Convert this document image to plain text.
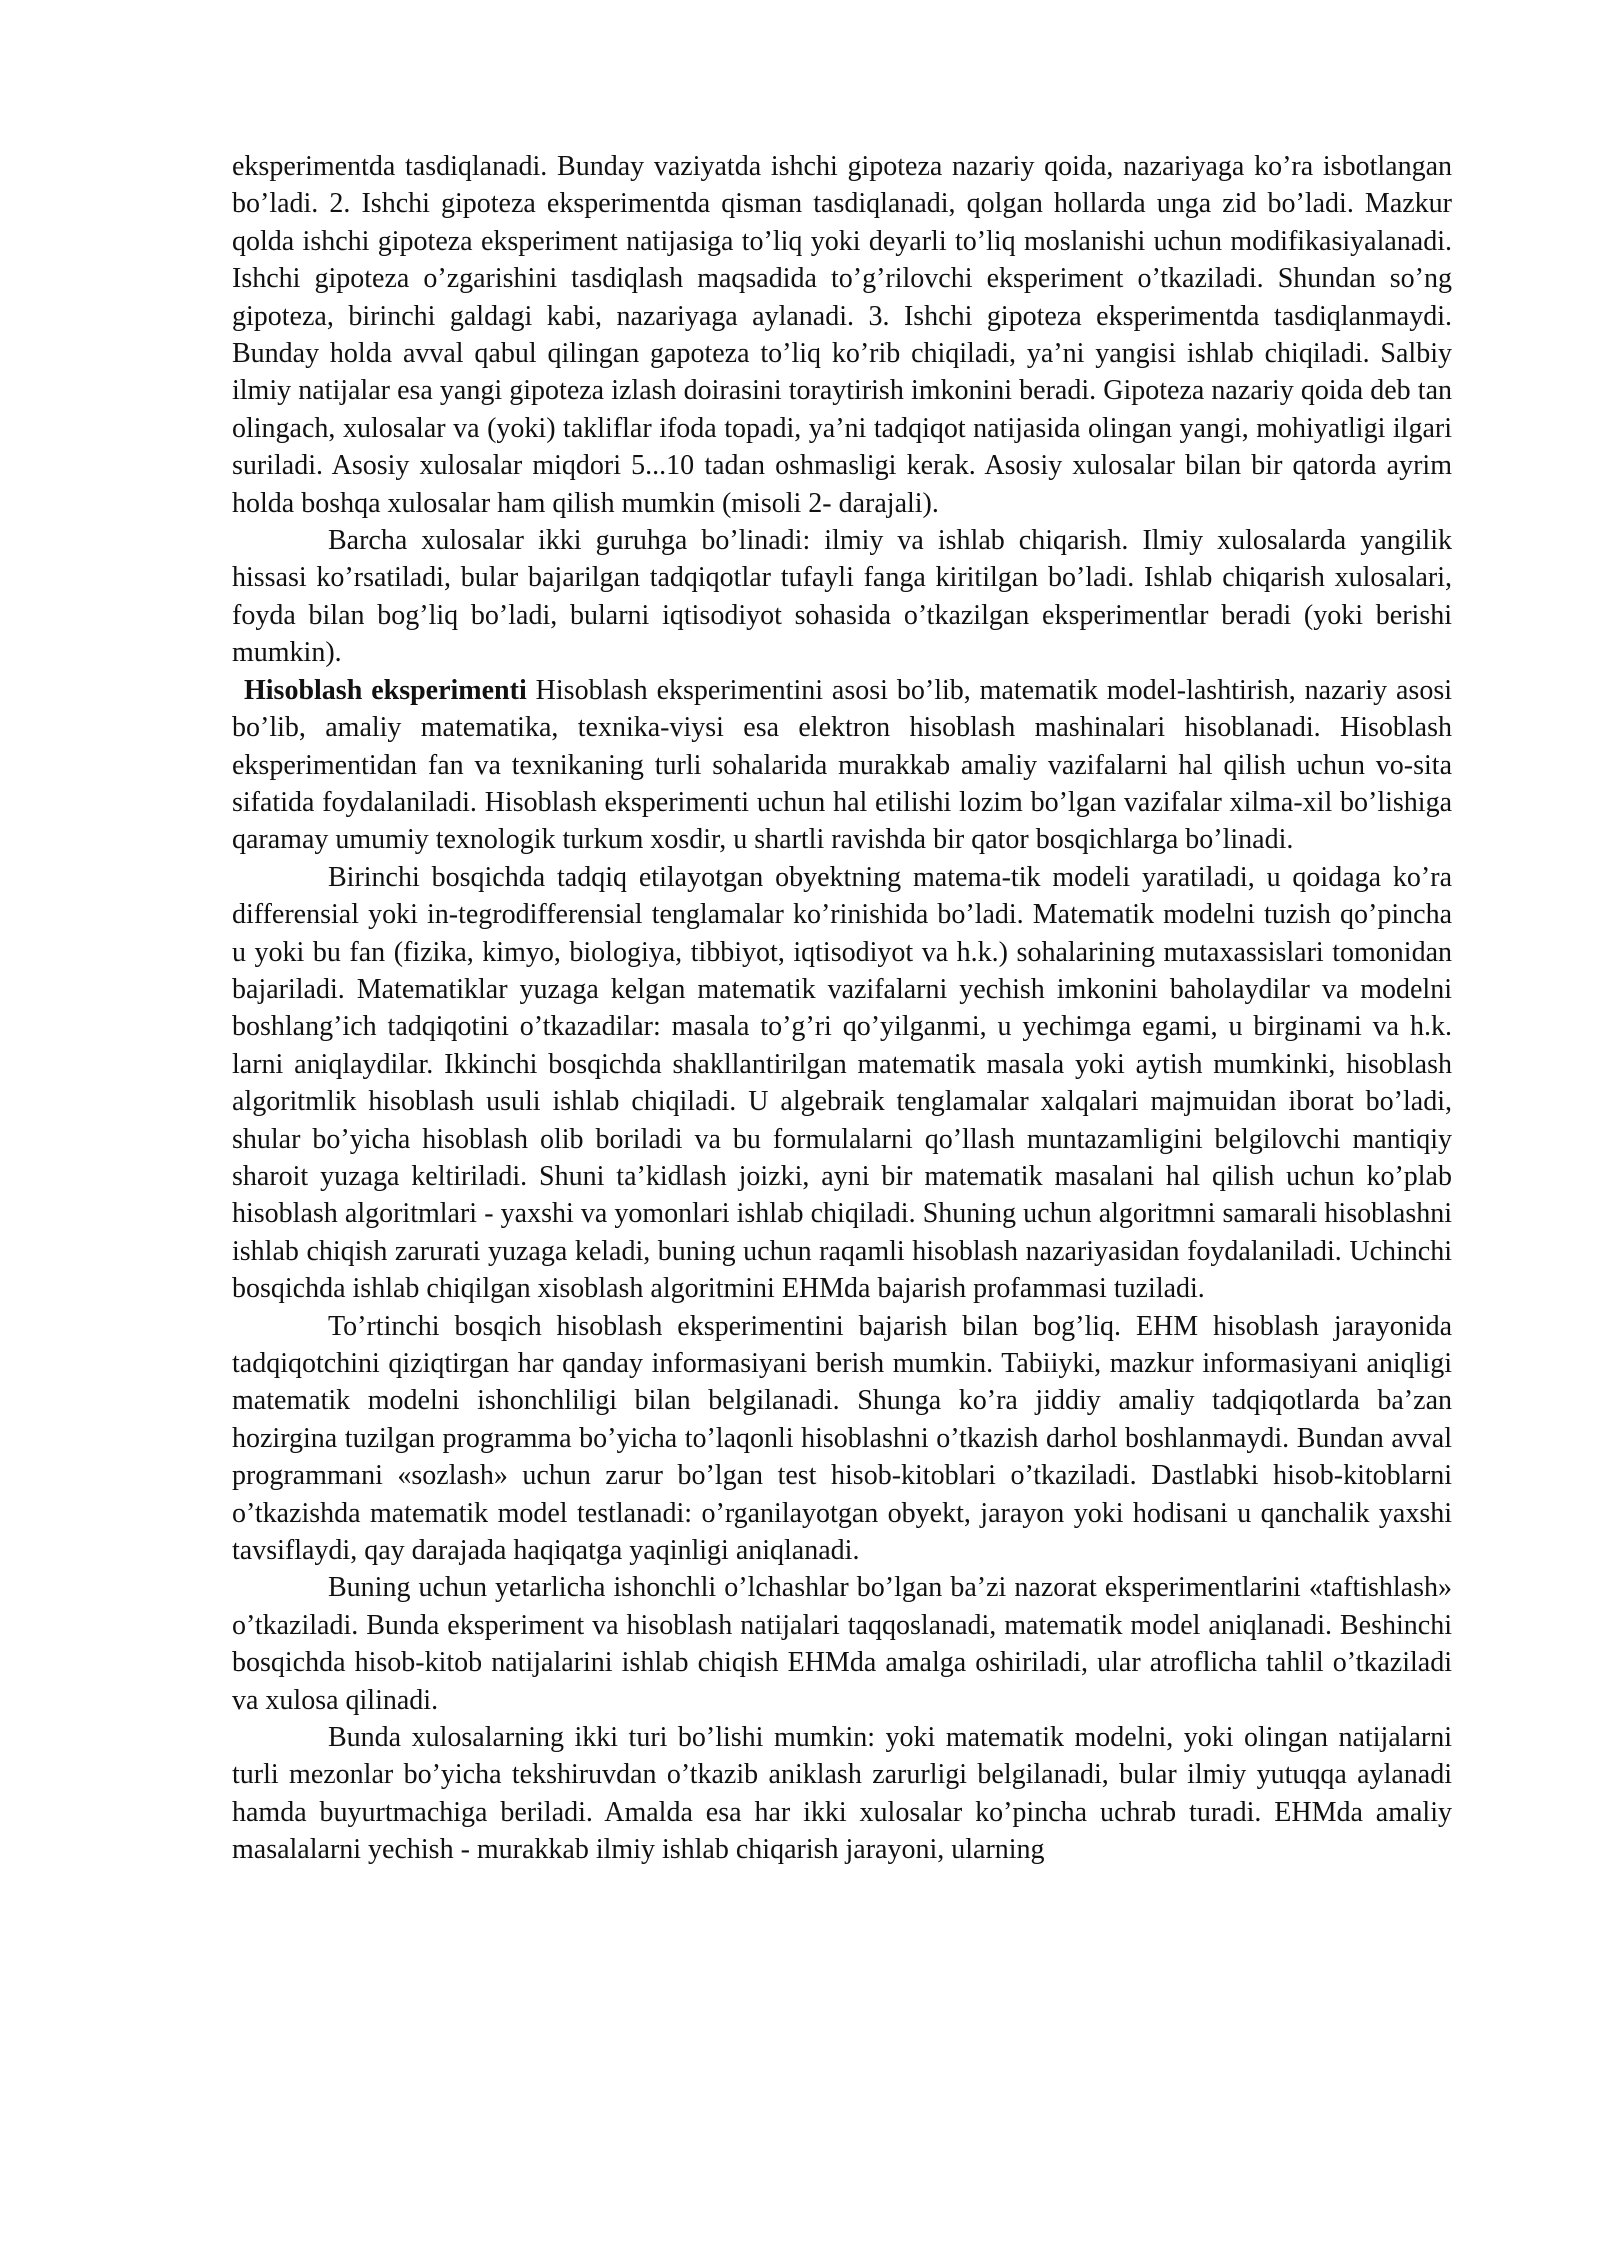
eksperimentda tasdiqlanadi. Bunday vaziyatda ishchi gipoteza nazariy qoida, nazariyaga ko’ra isbotlangan bo’ladi. 2. Ishchi gipoteza eksperimentda qisman tasdiqlanadi, qolgan hollarda unga zid bo’ladi. Mazkur qolda ishchi gipoteza eksperiment natijasiga to’liq yoki deyarli to’liq moslanishi uchun modifikasiyalanadi. Ishchi gipoteza o’zgarishini tasdiqlash maqsadida to’g’rilovchi eksperiment o’tkaziladi. Shundan so’ng gipoteza, birinchi galdagi kabi, nazariyaga aylanadi. 3. Ishchi gipoteza eksperimentda tasdiqlanmaydi. Bunday holda avval qabul qilingan gapoteza to’liq ko’rib chiqiladi, ya’ni yangisi ishlab chiqiladi. Salbiy ilmiy natijalar esa yangi gipoteza izlash doirasini toraytirish imkonini beradi. Gipoteza nazariy qoida deb tan olingach, xulosalar va (yoki) takliflar ifoda topadi, ya’ni tadqiqot natijasida olingan yangi, mohiyatligi ilgari suriladi. Asosiy xulosalar miqdori 5...10 tadan oshmasligi kerak. Asosiy xulosalar bilan bir qatorda ayrim holda boshqa xulosalar ham qilish mumkin (misoli 2- darajali).

Barcha xulosalar ikki guruhga bo’linadi: ilmiy va ishlab chiqarish. Ilmiy xulosalarda yangilik hissasi ko’rsatiladi, bular bajarilgan tadqiqotlar tufayli fanga kiritilgan bo’ladi. Ishlab chiqarish xulosalari, foyda bilan bog’liq bo’ladi, bularni iqtisodiyot sohasida o’tkazilgan eksperimentlar beradi (yoki berishi mumkin).

Hisoblash eksperimenti Hisoblash eksperimentini asosi bo’lib, matematik model-lashtirish, nazariy asosi bo’lib, amaliy matematika, texnika-viysi esa elektron hisoblash mashinalari hisoblanadi. Hisoblash eksperimentidan fan va texnikaning turli sohalarida murakkab amaliy vazifalarni hal qilish uchun vo-sita sifatida foydalaniladi. Hisoblash eksperimenti uchun hal etilishi lozim bo’lgan vazifalar xilma-xil bo’lishiga qaramay umumiy texnologik turkum xosdir, u shartli ravishda bir qator bosqichlarga bo’linadi.

Birinchi bosqichda tadqiq etilayotgan obyektning matema-tik modeli yaratiladi, u qoidaga ko’ra differensial yoki in-tegrodifferensial tenglamalar ko’rinishida bo’ladi. Matematik modelni tuzish qo’pincha u yoki bu fan (fizika, kimyo, biologiya, tibbiyot, iqtisodiyot va h.k.) sohalarining mutaxassislari tomonidan bajariladi. Matematiklar yuzaga kelgan matematik vazifalarni yechish imkonini baholaydilar va modelni boshlang’ich tadqiqotini o’tkazadilar: masala to’g’ri qo’yilganmi, u yechimga egami, u birginami va h.k. larni aniqlaydilar. Ikkinchi bosqichda shakllantirilgan matematik masala yoki aytish mumkinki, hisoblash algoritmlik hisoblash usuli ishlab chiqiladi. U algebraik tenglamalar xalqalari majmuidan iborat bo’ladi, shular bo’yicha hisoblash olib boriladi va bu formulalarni qo’llash muntazamligini belgilovchi mantiqiy sharoit yuzaga keltiriladi. Shuni ta’kidlash joizki, ayni bir matematik masalani hal qilish uchun ko’plab hisoblash algoritmlari - yaxshi va yomonlari ishlab chiqiladi. Shuning uchun algoritmni samarali hisoblashni ishlab chiqish zarurati yuzaga keladi, buning uchun raqamli hisoblash nazariyasidan foydalaniladi. Uchinchi bosqichda ishlab chiqilgan xisoblash algoritmini EHMda bajarish profammasi tuziladi.

To’rtinchi bosqich hisoblash eksperimentini bajarish bilan bog’liq. EHM hisoblash jarayonida tadqiqotchini qiziqtirgan har qanday informasiyani berish mumkin. Tabiiyki, mazkur informasiyani aniqligi matematik modelni ishonchliligi bilan belgilanadi. Shunga ko’ra jiddiy amaliy tadqiqotlarda ba’zan hozirgina tuzilgan programma bo’yicha to’laqonli hisoblashni o’tkazish darhol boshlanmaydi. Bundan avval programmani «sozlash» uchun zarur bo’lgan test hisob-kitoblari o’tkaziladi. Dastlabki hisob-kitoblarni o’tkazishda matematik model testlanadi: o’rganilayotgan obyekt, jarayon yoki hodisani u qanchalik yaxshi tavsiflaydi, qay darajada haqiqatga yaqinligi aniqlanadi.

Buning uchun yetarlicha ishonchli o’lchashlar bo’lgan ba’zi nazorat eksperimentlarini «taftishlash» o’tkaziladi. Bunda eksperiment va hisoblash natijalari taqqoslanadi, matematik model aniqlanadi. Beshinchi bosqichda hisob-kitob natijalarini ishlab chiqish EHMda amalga oshiriladi, ular atroflicha tahlil o’tkaziladi va xulosa qilinadi.

Bunda xulosalarning ikki turi bo’lishi mumkin: yoki matematik modelni, yoki olingan natijalarni turli mezonlar bo’yicha tekshiruvdan o’tkazib aniklash zarurligi belgilanadi, bular ilmiy yutuqqa aylanadi hamda buyurtmachiga beriladi. Amalda esa har ikki xulosalar ko’pincha uchrab turadi. EHMda amaliy masalalarni yechish - murakkab ilmiy ishlab chiqarish jarayoni, ularning
